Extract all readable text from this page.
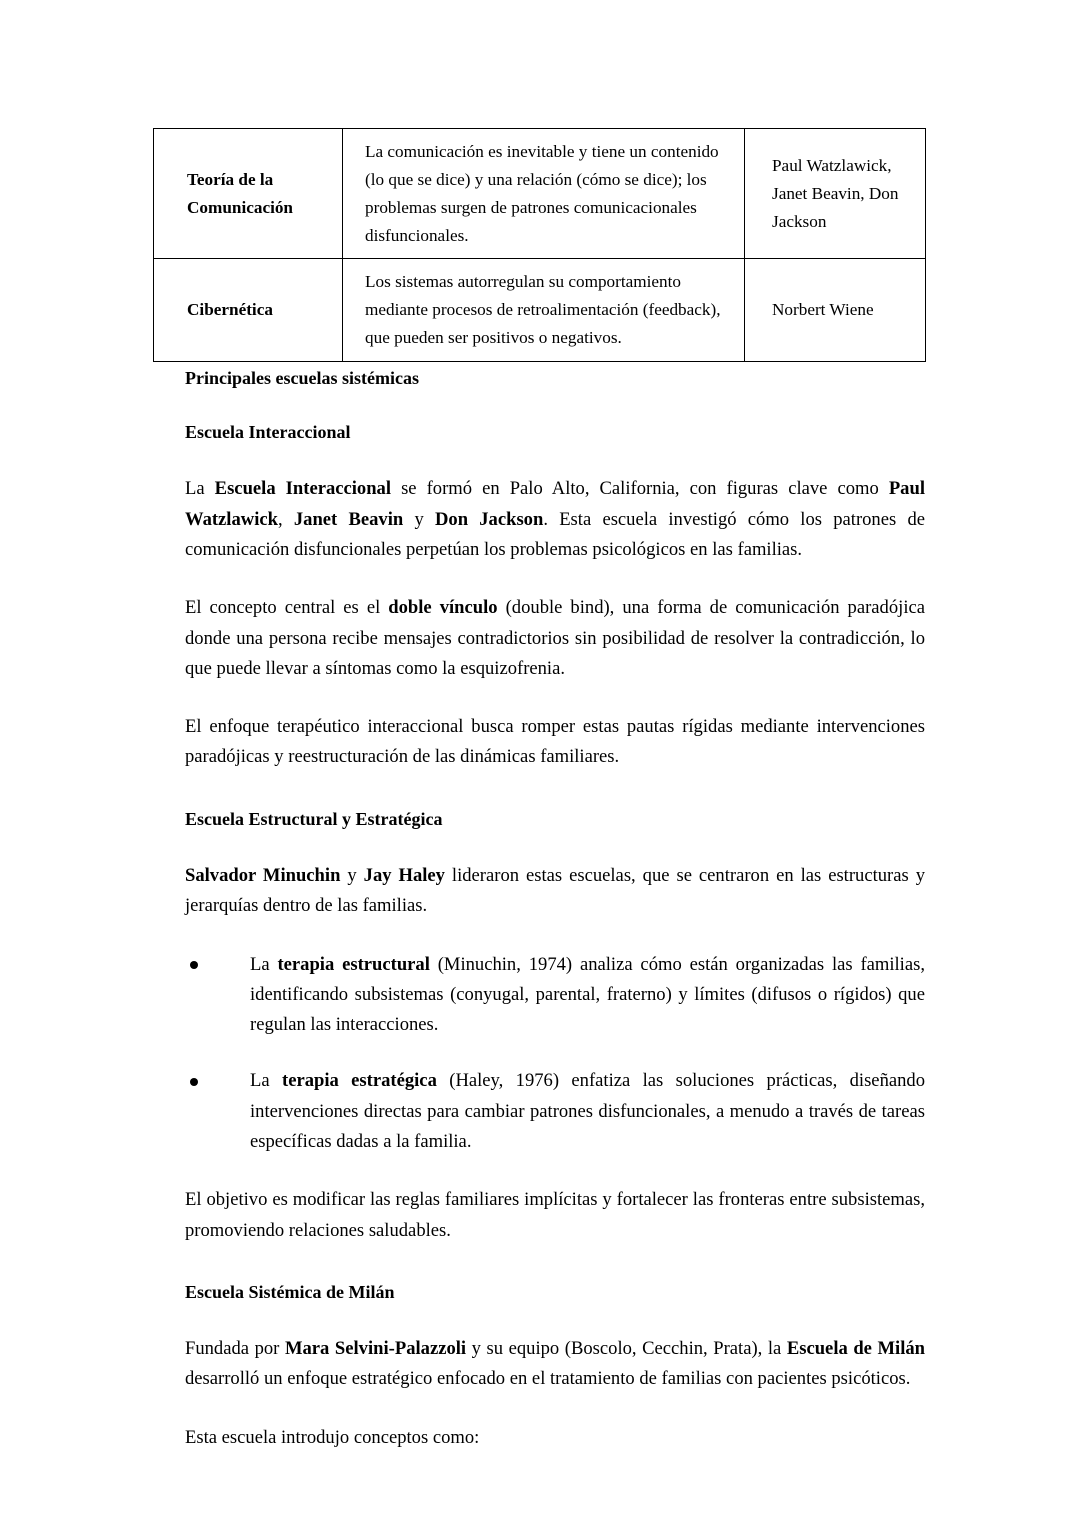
Teoría de la Comunicación	La comunicación es inevitable y tiene un contenido (lo que se dice) y una relación (cómo se dice); los problemas surgen de patrones comunicacionales disfuncionales.	Paul Watzlawick, Janet Beavin, Don Jackson
Cibernética	Los sistemas autorregulan su comportamiento mediante procesos de retroalimentación (feedback), que pueden ser positivos o negativos.	Norbert Wiene
Principales escuelas sistémicas
Escuela Interaccional

La Escuela Interaccional se formó en Palo Alto, California, con figuras clave como Paul Watzlawick, Janet Beavin y Don Jackson. Esta escuela investigó cómo los patrones de comunicación disfuncionales perpetúan los problemas psicológicos en las familias.

El concepto central es el doble vínculo (double bind), una forma de comunicación paradójica donde una persona recibe mensajes contradictorios sin posibilidad de resolver la contradicción, lo que puede llevar a síntomas como la esquizofrenia.

El enfoque terapéutico interaccional busca romper estas pautas rígidas mediante intervenciones paradójicas y reestructuración de las dinámicas familiares.

Escuela Estructural y Estratégica

Salvador Minuchin y Jay Haley lideraron estas escuelas, que se centraron en las estructuras y jerarquías dentro de las familias.

La terapia estructural (Minuchin, 1974) analiza cómo están organizadas las familias, identificando subsistemas (conyugal, parental, fraterno) y límites (difusos o rígidos) que regulan las interacciones.
La terapia estratégica (Haley, 1976) enfatiza las soluciones prácticas, diseñando intervenciones directas para cambiar patrones disfuncionales, a menudo a través de tareas específicas dadas a la familia.

El objetivo es modificar las reglas familiares implícitas y fortalecer las fronteras entre subsistemas, promoviendo relaciones saludables.

Escuela Sistémica de Milán

Fundada por Mara Selvini-Palazzoli y su equipo (Boscolo, Cecchin, Prata), la Escuela de Milán desarrolló un enfoque estratégico enfocado en el tratamiento de familias con pacientes psicóticos.

Esta escuela introdujo conceptos como:
